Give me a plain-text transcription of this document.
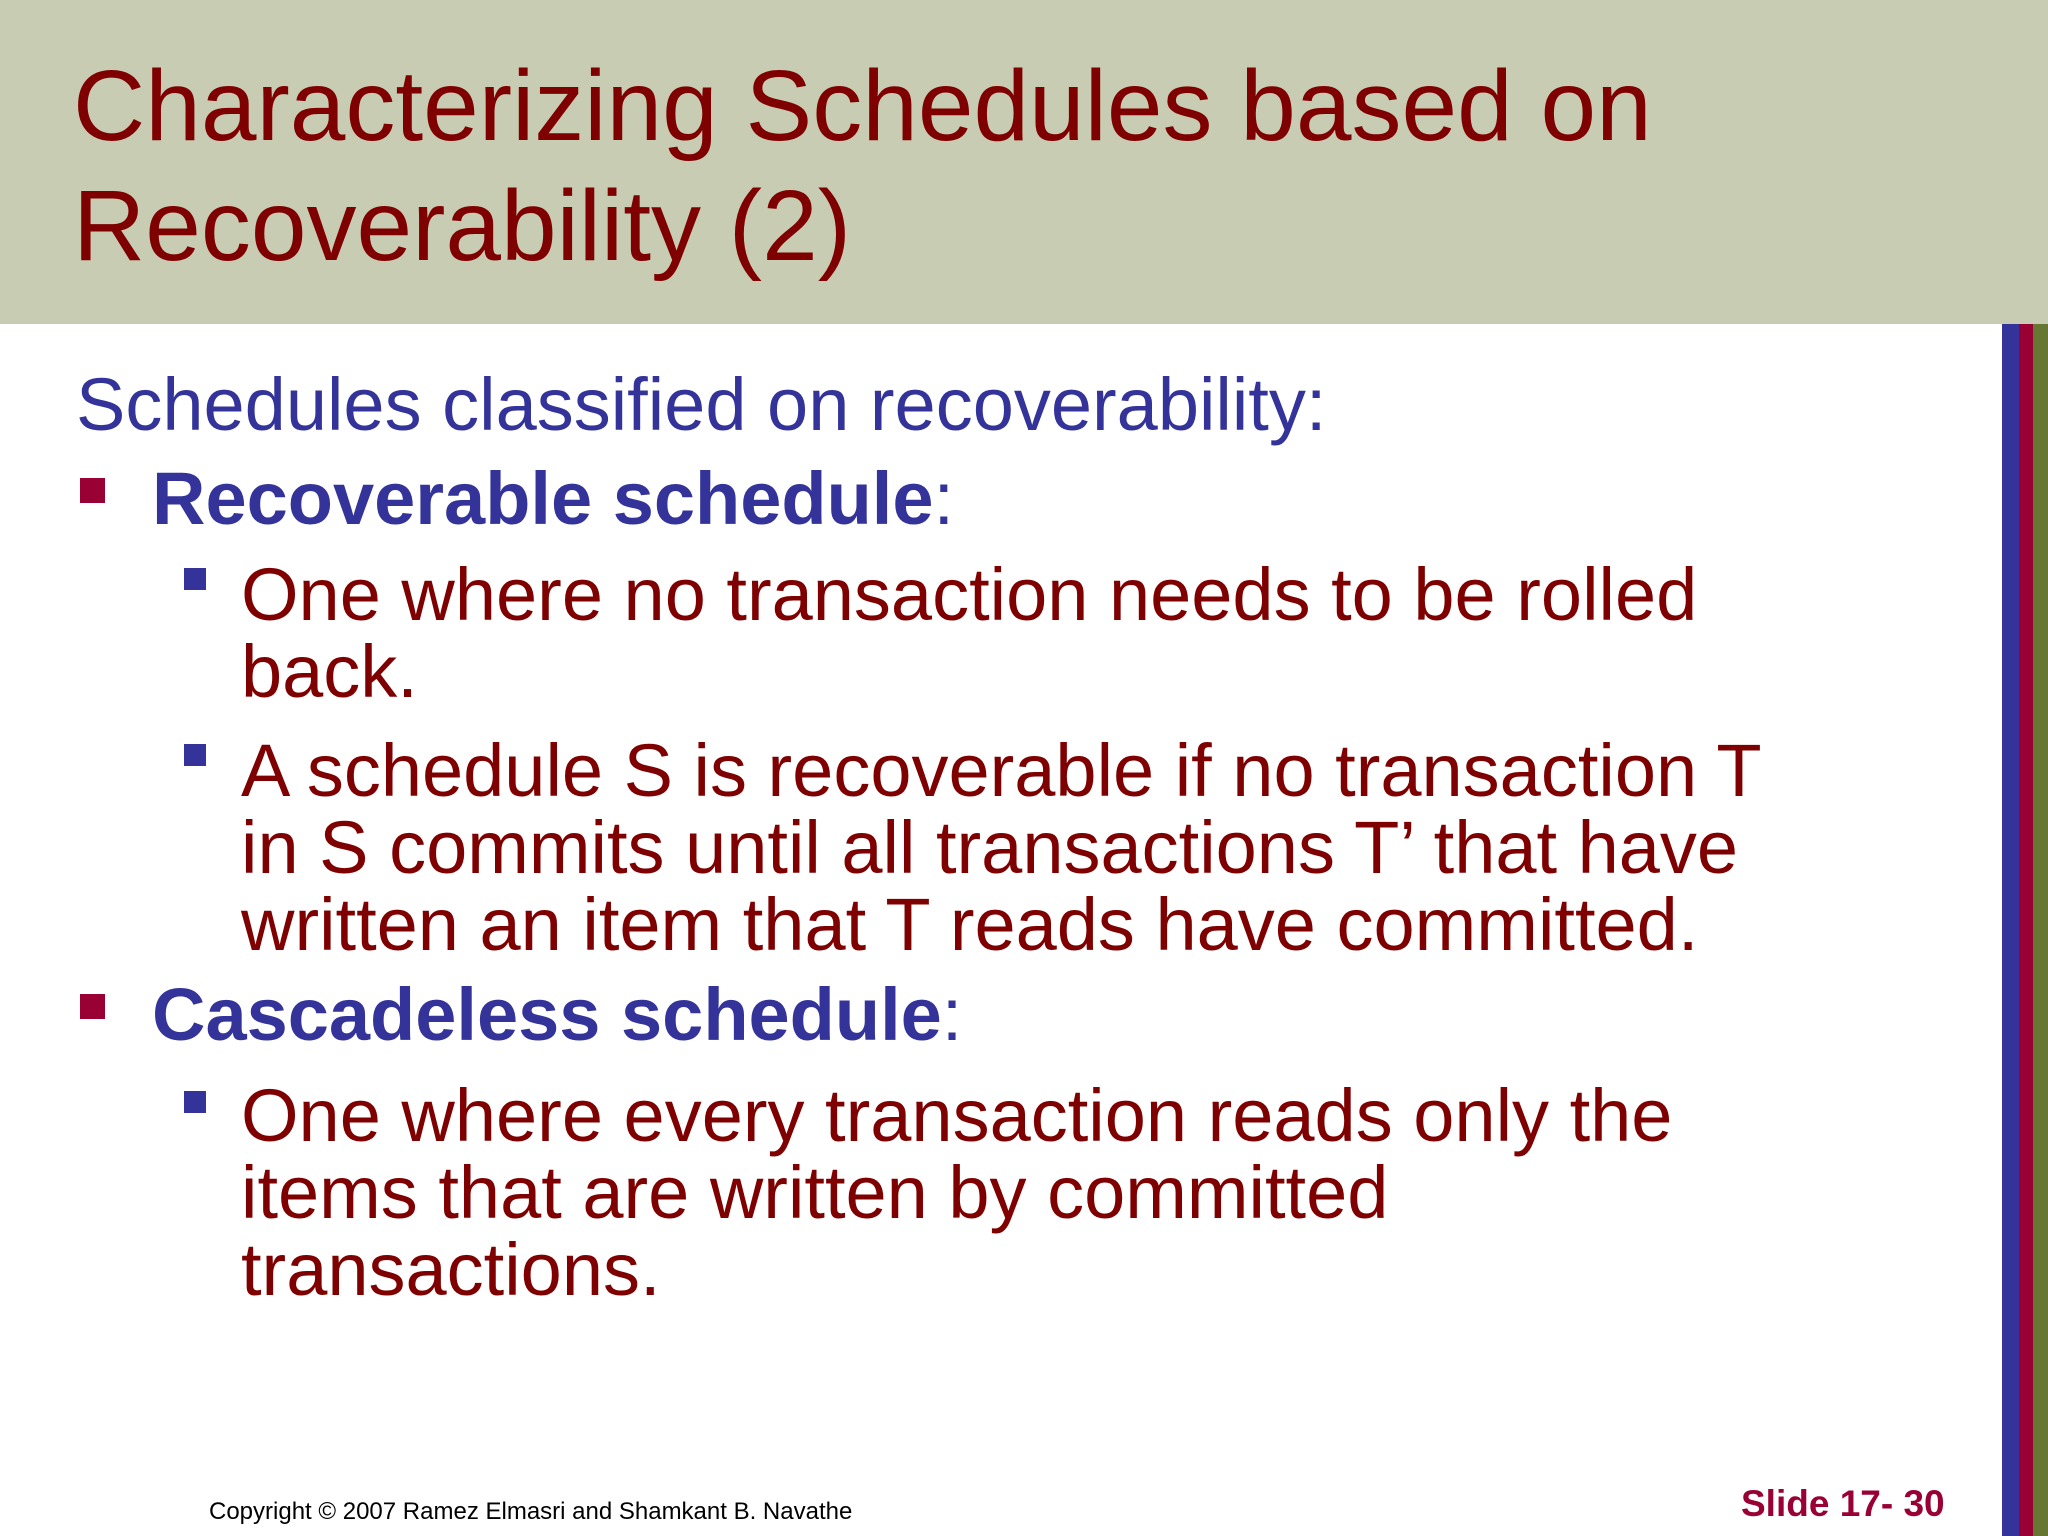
Characterizing Schedules based on
Recoverability (2)
Schedules classified on recoverability:
Recoverable schedule:
One where no transaction needs to be rolled
back.
A schedule S is recoverable if no transaction T
in S commits until all transactions T’ that have
written an item that T reads have committed.
Cascadeless schedule:
One where every transaction reads only the
items that are written by committed
transactions.
Copyright © 2007 Ramez Elmasri and Shamkant B. Navathe	Slide 17- 30
